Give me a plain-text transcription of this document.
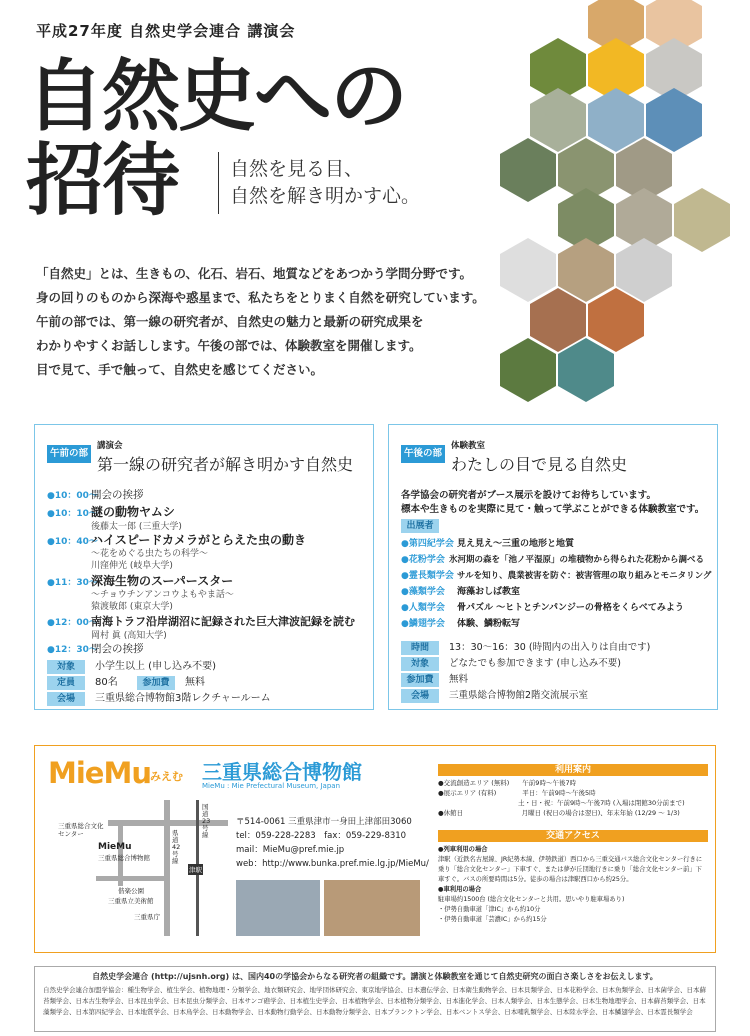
平成27年度 自然史学会連合 講演会
自然史への
招待	自然を見る目、
自然を解き明かす心。

「自然史」とは、生きもの、化石、岩石、地質などをあつかう学問分野です。

身の回りのものから深海や惑星まで、私たちをとりまく自然を研究しています。

午前の部では、第一線の研究者が、自然史の魅力と最新の研究成果を

わかりやすくお話しします。午後の部では、体験教室を開催します。

目で見て、手で触って、自然史を感じてください。

午前の部
講演会
第一線の研究者が解き明かす自然史
●10：00～開会の挨拶
●10：10～謎の動物ヤムシ
後藤太一郎 (三重大学)
●10：40～ハイスピードカメラがとらえた虫の動き
～花をめぐる虫たちの科学～
川窪伸光 (岐阜大学)
●11：30～深海生物のスーパースター
～チョウチンアンコウよもやま話～
猿渡敏郎 (東京大学)
●12：00～南海トラフ沿岸湖沼に記録された巨大津波記録を読む
岡村 眞 (高知大学)
●12：30～閉会の挨拶
対象 小学生以上 (申し込み不要)
定員 80名	参加費 無料
会場 三重県総合博物館3階レクチャールーム
午後の部
体験教室
わたしの目で見る自然史
各学協会の研究者がブース展示を設けてお待ちしています。
標本や生きものを実際に見て・触って学ぶことができる体験教室です。
出展者
●第四紀学会 見え見え～三重の地形と地質
●花粉学会 氷河期の森を「池ノ平湿原」の堆積物から得られた花粉から調べる
●霊長類学会 サルを知り、農業被害を防ぐ：被害管理の取り組みとモニタリング
●藻類学会 海藻おしば教室
●人類学会 骨パズル ～ヒトとチンパンジーの骨格をくらべてみよう
●鱗翅学会 体験、鱗粉転写
時間 13：30～16：30 (時間内の出入りは自由です)
対象 どなたでも参加できます (申し込み不要)
参加費 無料
会場 三重県総合博物館2階交流展示室
MieMu みえむ 三重県総合博物館
MieMu : Mie Prefectural Museum, Japan
三重県総合文化センター
MieMu
三重県総合博物館
偕楽公園
三重県立美術館
三重県庁
津駅
国道23号線
県道42号線
〒514-0061 三重県津市一身田上津部田3060
tel：059-228-2283　fax：059-229-8310
mail：MieMu@pref.mie.jp
web：http://www.bunka.pref.mie.lg.jp/MieMu/
利用案内
●交流創造エリア (無料)　　午前9時～午後7時
●展示エリア (有料)　　　　平日：午前9時～午後5時
土・日・祝：午前9時～午後7時 (入場は閉館30分前まで)
●休館日　　　　　　　　　月曜日 (祝日の場合は翌日)、年末年始 (12/29 ～ 1/3)
交通アクセス
●列車利用の場合
津駅（近鉄名古屋線、JR紀勢本線、伊勢鉄道）西口から三重交通バス総合文化センター行きに乗り「総合文化センター」下車すぐ、または夢が丘団地行きに乗り「総合文化センター前」下車すぐ。バスの所要時間は5分。徒歩の場合は津駅西口から約25分。
●車利用の場合
駐車場約1500台 (総合文化センターと共用。思いやり駐車場あり)
・伊勢自動車道「津IC」から約10分
・伊勢自動車道「芸濃IC」から約15分
自然史学会連合 (http://ujsnh.org) は、国内40の学協会からなる研究者の組織です。講演と体験教室を通じて自然史研究の面白さ楽しさをお伝えします。
自然史学会連合加盟学協会：種生物学会、植生学会、植物地理・分類学会、地衣類研究会、地学団体研究会、東京地学協会、日本遺伝学会、日本衛生動物学会、日本貝類学会、日本花粉学会、日本魚類学会、日本菌学会、日本蘚苔類学会、日本古生物学会、日本昆虫学会、日本昆虫分類学会、日本サンゴ礁学会、日本植生史学会、日本植物学会、日本植物分類学会、日本進化学会、日本人類学会、日本生態学会、日本生物地理学会、日本蘚苔類学会、日本藻類学会、日本第四紀学会、日本地質学会、日本鳥学会、日本動物学会、日本動物行動学会、日本動物分類学会、日本プランクトン学会、日本ベントス学会、日本哺乳類学会、日本陸水学会、日本鱗翅学会、日本霊長類学会
